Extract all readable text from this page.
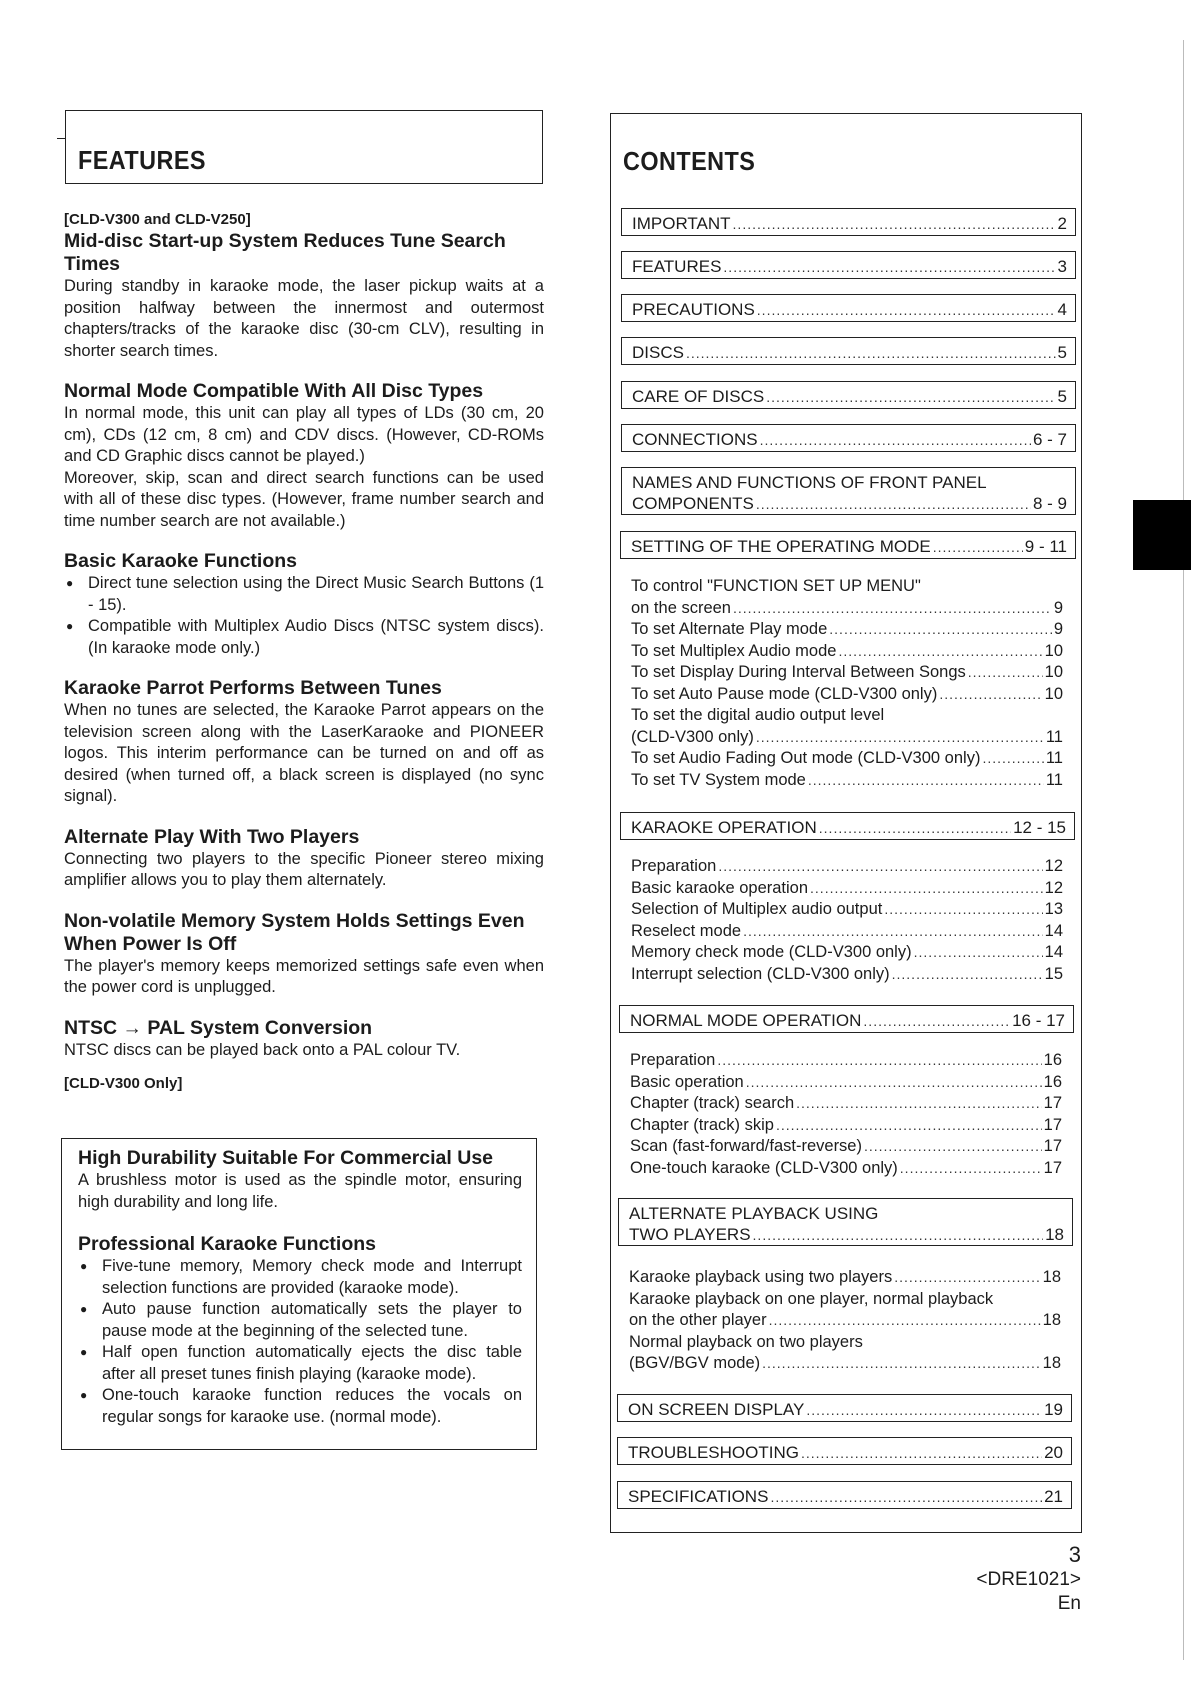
FEATURES
[CLD-V300 and CLD-V250]
Mid-disc Start-up System Reduces Tune Search Times
During standby in karaoke mode, the laser pickup waits at a position halfway between the innermost and outermost chapters/tracks of the karaoke disc (30-cm CLV), resulting in shorter search times.
Normal Mode Compatible With All Disc Types
In normal mode, this unit can play all types of LDs (30 cm, 20 cm), CDs (12 cm, 8 cm) and CDV discs. (However, CD-ROMs and CD Graphic discs cannot be played.)
Moreover, skip, scan and direct search functions can be used with all of these disc types. (However, frame number search and time number search are not available.)
Basic Karaoke Functions
● Direct tune selection using the Direct Music Search Buttons (1 - 15).
● Compatible with Multiplex Audio Discs (NTSC system discs). (In karaoke mode only.)
Karaoke Parrot Performs Between Tunes
When no tunes are selected, the Karaoke Parrot appears on the television screen along with the LaserKaraoke and PIONEER logos. This interim performance can be turned on and off as desired (when turned off, a black screen is displayed (no sync signal).
Alternate Play With Two Players
Connecting two players to the specific Pioneer stereo mixing amplifier allows you to play them alternately.
Non-volatile Memory System Holds Settings Even When Power Is Off
The player's memory keeps memorized settings safe even when the power cord is unplugged.
NTSC → PAL System Conversion
NTSC discs can be played back onto a PAL colour TV.
[CLD-V300 Only]
High Durability Suitable For Commercial Use
A brushless motor is used as the spindle motor, ensuring high durability and long life.
Professional Karaoke Functions
● Five-tune memory, Memory check mode and Interrupt selection functions are provided (karaoke mode).
● Auto pause function automatically sets the player to pause mode at the beginning of the selected tune.
● Half open function automatically ejects the disc table after all preset tunes finish playing (karaoke mode).
● One-touch karaoke function reduces the vocals on regular songs for karaoke use. (normal mode).
CONTENTS
IMPORTANT .....	2
FEATURES .....	3
PRECAUTIONS .....	4
DISCS .....	5
CARE OF DISCS .....	5
CONNECTIONS .....	6 - 7
NAMES AND FUNCTIONS OF FRONT PANEL
COMPONENTS .....	8 - 9
SETTING OF THE OPERATING MODE .....	9 - 11
To control "FUNCTION SET UP MENU"
on the screen .....	9
To set Alternate Play mode .....	9
To set Multiplex Audio mode .....	10
To set Display During Interval Between Songs .....	10
To set Auto Pause mode (CLD-V300 only) .....	10
To set the digital audio output level
(CLD-V300 only) .....	11
To set Audio Fading Out mode (CLD-V300 only) .....	11
To set TV System mode .....	11
KARAOKE OPERATION .....	12 - 15
Preparation .....	12
Basic karaoke operation .....	12
Selection of Multiplex audio output .....	13
Reselect mode .....	14
Memory check mode (CLD-V300 only) .....	14
Interrupt selection (CLD-V300 only) .....	15
NORMAL MODE OPERATION .....	16 - 17
Preparation .....	16
Basic operation .....	16
Chapter (track) search .....	17
Chapter (track) skip .....	17
Scan (fast-forward/fast-reverse) .....	17
One-touch karaoke (CLD-V300 only) .....	17
ALTERNATE PLAYBACK USING
TWO PLAYERS .....	18
Karaoke playback using two players .....	18
Karaoke playback on one player, normal playback
on the other player .....	18
Normal playback on two players
(BGV/BGV mode) .....	18
ON SCREEN DISPLAY .....	19
TROUBLESHOOTING .....	20
SPECIFICATIONS .....	21
3
<DRE1021>
En
